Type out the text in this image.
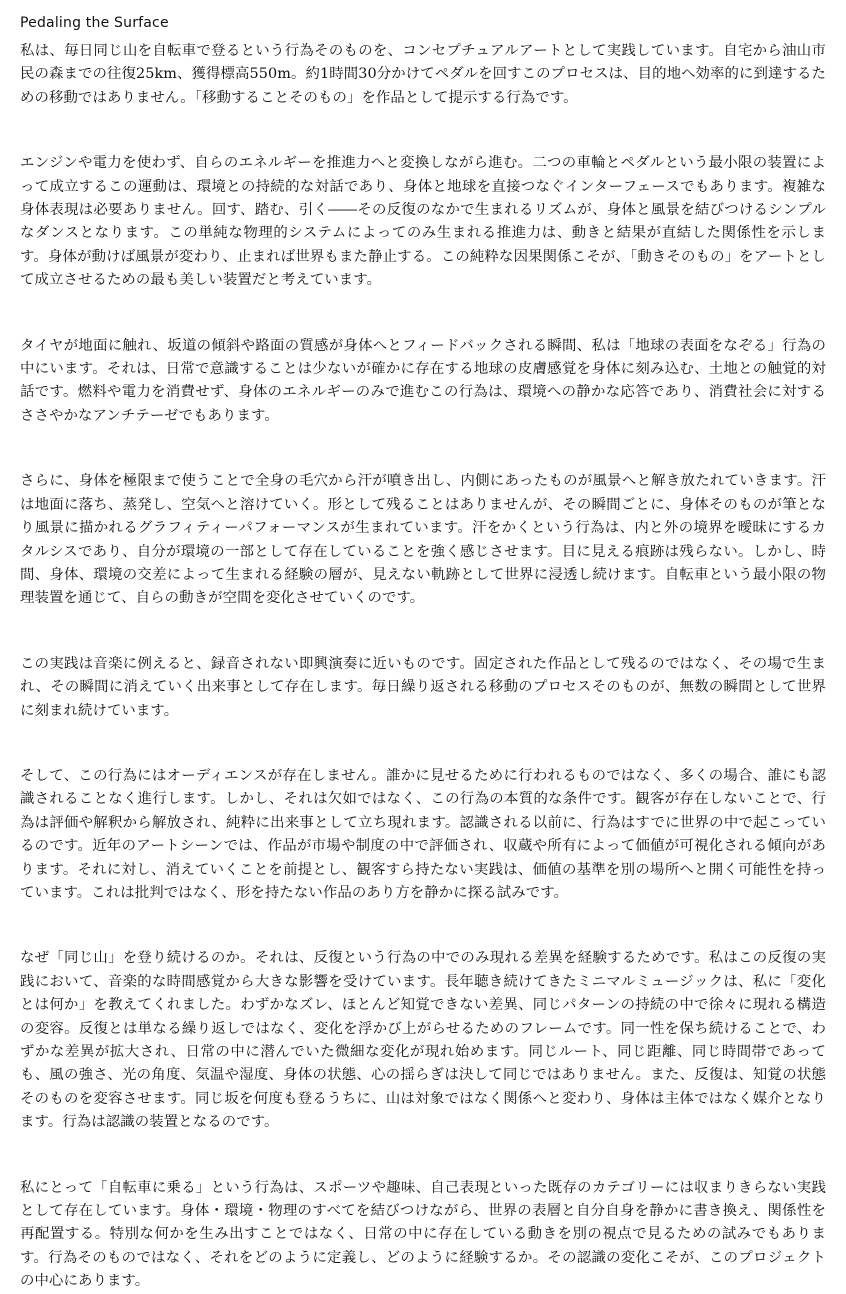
Pedaling the Surface

私は、毎日同じ山を自転車で登るという行為そのものを、コンセプチュアルアートとして実践しています。自宅から油山市民の森までの往復25km、獲得標高550m。約1時間30分かけてペダルを回すこのプロセスは、目的地へ効率的に到達するための移動ではありません。「移動することそのもの」を作品として提示する行為です。

エンジンや電力を使わず、自らのエネルギーを推進力へと変換しながら進む。二つの車輪とペダルという最小限の装置によって成立するこの運動は、環境との持続的な対話であり、身体と地球を直接つなぐインターフェースでもあります。複雑な身体表現は必要ありません。回す、踏む、引く――その反復のなかで生まれるリズムが、身体と風景を結びつけるシンプルなダンスとなります。この単純な物理的システムによってのみ生まれる推進力は、動きと結果が直結した関係性を示します。身体が動けば風景が変わり、止まれば世界もまた静止する。この純粋な因果関係こそが、「動きそのもの」をアートとして成立させるための最も美しい装置だと考えています。

タイヤが地面に触れ、坂道の傾斜や路面の質感が身体へとフィードバックされる瞬間、私は「地球の表面をなぞる」行為の中にいます。それは、日常で意識することは少ないが確かに存在する地球の皮膚感覚を身体に刻み込む、土地との触覚的対話です。燃料や電力を消費せず、身体のエネルギーのみで進むこの行為は、環境への静かな応答であり、消費社会に対するささやかなアンチテーゼでもあります。

さらに、身体を極限まで使うことで全身の毛穴から汗が噴き出し、内側にあったものが風景へと解き放たれていきます。汗は地面に落ち、蒸発し、空気へと溶けていく。形として残ることはありませんが、その瞬間ごとに、身体そのものが筆となり風景に描かれるグラフィティーパフォーマンスが生まれています。汗をかくという行為は、内と外の境界を曖昧にするカタルシスであり、自分が環境の一部として存在していることを強く感じさせます。目に見える痕跡は残らない。しかし、時間、身体、環境の交差によって生まれる経験の層が、見えない軌跡として世界に浸透し続けます。自転車という最小限の物理装置を通じて、自らの動きが空間を変化させていくのです。

この実践は音楽に例えると、録音されない即興演奏に近いものです。固定された作品として残るのではなく、その場で生まれ、その瞬間に消えていく出来事として存在します。毎日繰り返される移動のプロセスそのものが、無数の瞬間として世界に刻まれ続けています。

そして、この行為にはオーディエンスが存在しません。誰かに見せるために行われるものではなく、多くの場合、誰にも認識されることなく進行します。しかし、それは欠如ではなく、この行為の本質的な条件です。観客が存在しないことで、行為は評価や解釈から解放され、純粋に出来事として立ち現れます。認識される以前に、行為はすでに世界の中で起こっているのです。近年のアートシーンでは、作品が市場や制度の中で評価され、収蔵や所有によって価値が可視化される傾向があります。それに対し、消えていくことを前提とし、観客すら持たない実践は、価値の基準を別の場所へと開く可能性を持っています。これは批判ではなく、形を持たない作品のあり方を静かに探る試みです。

なぜ「同じ山」を登り続けるのか。それは、反復という行為の中でのみ現れる差異を経験するためです。私はこの反復の実践において、音楽的な時間感覚から大きな影響を受けています。長年聴き続けてきたミニマルミュージックは、私に「変化とは何か」を教えてくれました。わずかなズレ、ほとんど知覚できない差異、同じパターンの持続の中で徐々に現れる構造の変容。反復とは単なる繰り返しではなく、変化を浮かび上がらせるためのフレームです。同一性を保ち続けることで、わずかな差異が拡大され、日常の中に潜んでいた微細な変化が現れ始めます。同じルート、同じ距離、同じ時間帯であっても、風の強さ、光の角度、気温や湿度、身体の状態、心の揺らぎは決して同じではありません。また、反復は、知覚の状態そのものを変容させます。同じ坂を何度も登るうちに、山は対象ではなく関係へと変わり、身体は主体ではなく媒介となります。行為は認識の装置となるのです。

私にとって「自転車に乗る」という行為は、スポーツや趣味、自己表現といった既存のカテゴリーには収まりきらない実践として存在しています。身体・環境・物理のすべてを結びつけながら、世界の表層と自分自身を静かに書き換え、関係性を再配置する。特別な何かを生み出すことではなく、日常の中に存在している動きを別の視点で見るための試みでもあります。行為そのものではなく、それをどのように定義し、どのように経験するか。その認識の変化こそが、このプロジェクトの中心にあります。
